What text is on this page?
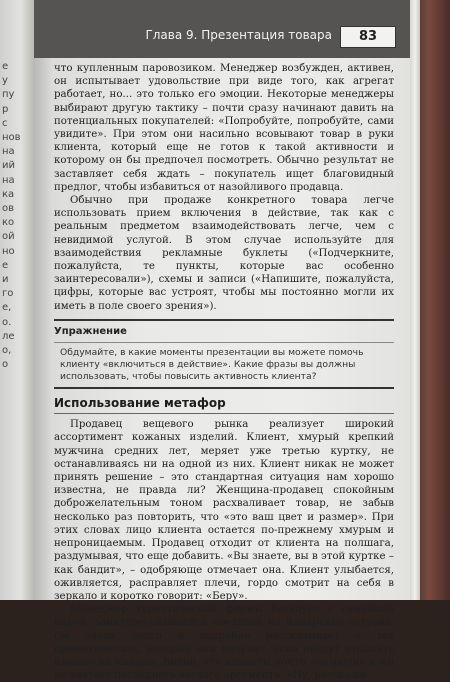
е
у
пу
р
с
нов
на
ий
на
ка
ов
ко
ой
но
е
и
го
е,
о.
ле
о,
о
Глава 9. Презентация товара	83

что купленным паровозиком. Менеджер возбужден, активен, он испытывает удовольствие при виде того, как агрегат работает, но... это только его эмоции. Некоторые менеджеры выбирают другую тактику – почти сразу начинают давить на потенциальных покупателей: «Попробуйте, попробуйте, сами увидите». При этом они насильно всовывают товар в руки клиента, который еще не готов к такой активности и которому он бы предпочел посмотреть. Обычно результат не заставляет себя ждать – покупатель ищет благовидный предлог, чтобы избавиться от назойливого продавца.

Обычно при продаже конкретного товара легче использовать прием включения в действие, так как с реальным предметом взаимодействовать легче, чем с невидимой услугой. В этом случае используйте для взаимодействия рекламные буклеты («Подчеркните, пожалуйста, те пункты, которые вас особенно заинтересовали»), схемы и записи («Напишите, пожалуйста, цифры, которые вас устроят, чтобы мы постоянно могли их иметь в поле своего зрения»).

Упражнение
Обдумайте, в какие моменты презентации вы можете помочь клиенту «включиться в действие». Какие фразы вы должны использовать, чтобы повысить активность клиента?
Использование метафор

Продавец вещевого рынка реализует широкий ассортимент кожаных изделий. Клиент, хмурый крепкий мужчина средних лет, меряет уже третью куртку, не останавливаясь ни на одной из них. Клиент никак не может принять решение – это стандартная ситуация нам хорошо известна, не правда ли? Женщина-продавец спокойным доброжелательным тоном расхваливает товар, не забыв несколько раз повторить, что «это ваш цвет и размер». При этих словах лицо клиента остается по-прежнему хмурым и непроницаемым. Продавец отходит от клиента на полшага, раздумывая, что еще добавить. «Вы знаете, вы в этой куртке – как бандит», – одобряюще отмечает она. Клиент улыбается, оживляется, расправляет плечи, гордо смотрит на себя в зеркало и коротко говорит: «Беру».

Менеджер туристической фирмы беседует с семейной парой, заинтересовавшейся поездкой на Канарские острова. Он очень долго и подробно рассказывает о тех преимуществах, которые они получат, если поедут отдыхать именно на Канары. Видно, что клиенты почти «созрели» и им не хватает последнего веского аргумента. «Ну, расскажи-
